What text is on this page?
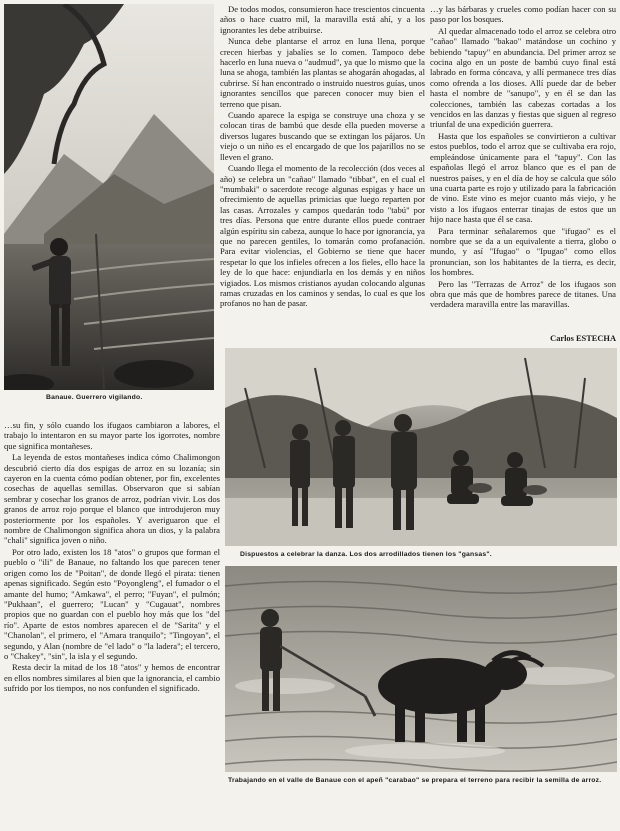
Banaue. Guerrero vigilando.

De todos modos, consumieron hace trescientos cincuenta años o hace cuatro mil, la maravilla está ahí, y a los ignorantes les debe atribuirse.

Nunca debe plantarse el arroz en luna llena, porque crecen hierbas y jabalíes se lo comen. Tampoco debe hacerlo en luna nueva o "audmud", ya que lo mismo que la luna se ahoga, también las plantas se ahogarán ahogadas, al cubrirse. Sí han encontrado o instruido nuestros guías, unos ignorantes sencillos que parecen conocer muy bien el terreno que pisan.

Cuando aparece la espiga se construye una choza y se colocan tiras de bambú que desde ella pueden moverse a diversos lugares buscando que se extingan los pájaros. Un viejo o un niño es el encargado de que los pajarillos no se lleven el grano.

Cuando llega el momento de la recolección (dos veces al año) se celebra un "cañao" llamado "tibbat", en el cual el "mumbaki" o sacerdote recoge algunas espigas y hace un ofrecimiento de aquellas primicias que luego reparten por las casas. Arrozales y campos quedarán todo "tabú" por tres días. Persona que entre durante ellos puede contraer algún espíritu sin cabeza, aunque lo hace por ignorancia, ya que no parecen gentiles, lo tomarán como profanación. Para evitar violencias, el Gobierno se tiene que hacer respetar lo que los infieles ofrecen a los fieles, ello hace la ley de lo que hace: enjundiarla en los demás y en niños vigiados. Los mismos cristianos ayudan colocando algunas ramas cruzadas en los caminos y sendas, lo cual es que los profanos no han de pasar.

…y las bárbaras y crueles como podían hacer con su paso por los bosques.

Al quedar almacenado todo el arroz se celebra otro "cañao" llamado "bakao" matándose un cochino y bebiendo "tapuy" en abundancia. Del primer arroz se cocina algo en un poste de bambú cuyo final está labrado en forma cóncava, y allí permanece tres días como ofrenda a los dioses. Allí puede dar de beber hasta el nombre de "sanupo", y en él se dan las colecciones, también las cabezas cortadas a los vencidos en las danzas y fiestas que siguen al regreso triunfal de una expedición guerrera.

Hasta que los españoles se convirtieron a cultivar estos pueblos, todo el arroz que se cultivaba era rojo, empleándose únicamente para el "tapuy". Con las españolas llegó el arroz blanco que es el pan de nuestros países, y en el día de hoy se calcula que sólo una cuarta parte es rojo y utilizado para la fabricación de vino. Este vino es mejor cuanto más viejo, y he visto a los ifugaos enterrar tinajas de estos que un hijo nace hasta que él se casa.

Para terminar señalaremos que "ifugao" es el nombre que se da a un equivalente a tierra, globo o mundo, y así "Ifugao" o "Ipugao" como ellos pronuncian, son los habitantes de la tierra, es decir, los hombres.

Pero las "Terrazas de Arroz" de los ifugaos son obra que más que de hombres parece de titanes. Una verdadera maravilla entre las maravillas.

Carlos ESTECHA
Dispuestos a celebrar la danza. Los dos arrodillados tienen los "gansas".

…su fin, y sólo cuando los ifugaos cambiaron a labores, el trabajo lo intentaron en su mayor parte los igorrotes, nombre que significa montañeses.

La leyenda de estos montañeses indica cómo Chalimongon descubrió cierto día dos espigas de arroz en su lozanía; sin cayeron en la cuenta cómo podían obtener, por fin, excelentes cosechas de aquellas semillas. Observaron que si sabían sembrar y cosechar los granos de arroz, podrían vivir. Los dos granos de arroz rojo porque el blanco que introdujeron muy posteriormente por los españoles. Y averiguaron que el nombre de Chalimongon significa ahora un dios, y la palabra "chali" significa joven o niño.

Por otro lado, existen los 18 "atos" o grupos que forman el pueblo o "ili" de Banaue, no faltando los que parecen tener origen como los de "Poitan", de donde llegó el pirata: tienen apenas significado. Según esto "Poyongleng", el fumador o el amante del humo; "Amkawa", el perro; "Fuyan", el pulmón; "Pukhaan", el guerrero; "Lucan" y "Cugauat", nombres propios que no guardan con el pueblo hoy más que los "del río". Aparte de estos nombres aparecen el de "Sarita" y el "Chanolan", el primero, el "Amara tranquilo"; "Tingoyan", el segundo, y Alan (nombre de "el lado" o "la ladera"; el tercero, o "Chakey", "sin", la isla y el segundo.

Resta decir la mitad de los 18 "atos" y hemos de encontrar en ellos nombres similares al bien que la ignorancia, el cambio sufrido por los tiempos, no nos confunden el significado.

Trabajando en el valle de Banaue con el apeñ "carabao" se prepara el terreno para recibir la semilla de arroz.
